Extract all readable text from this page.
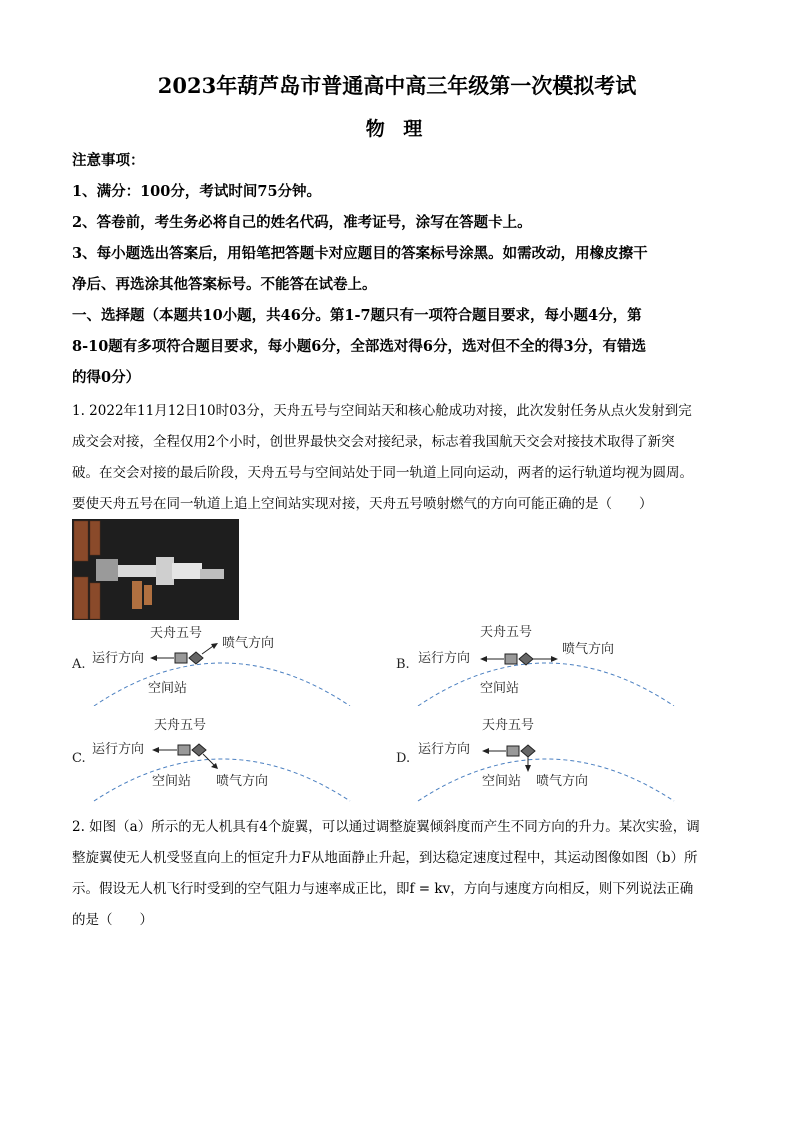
2023年葫芦岛市普通高中高三年级第一次模拟考试
物 理
注意事项：
1、满分：100分，考试时间75分钟。
2、答卷前，考生务必将自己的姓名代码，准考证号，涂写在答题卡上。
3、每小题选出答案后，用铅笔把答题卡对应题目的答案标号涂黑。如需改动，用橡皮擦干
净后、再选涂其他答案标号。不能答在试卷上。
一、选择题（本题共10小题，共46分。第1-7题只有一项符合题目要求，每小题4分，第
8-10题有多项符合题目要求，每小题6分，全部选对得6分，选对但不全的得3分，有错选
的得0分）
1. 2022年11月12日10时03分，天舟五号与空间站天和核心舱成功对接，此次发射任务从点火发射到完
成交会对接，全程仅用2个小时，创世界最快交会对接纪录，标志着我国航天交会对接技术取得了新突
破。在交会对接的最后阶段，天舟五号与空间站处于同一轨道上同向运动，两者的运行轨道均视为圆周。
要使天舟五号在同一轨道上追上空间站实现对接，天舟五号喷射燃气的方向可能正确的是（　　）
A.
天舟五号
喷气方向
运行方向
空间站
B.
天舟五号
喷气方向
运行方向
空间站
C.
天舟五号
运行方向
空间站 喷气方向
D.
天舟五号
运行方向
空间站 喷气方向
2. 如图（a）所示的无人机具有4个旋翼，可以通过调整旋翼倾斜度而产生不同方向的升力。某次实验，调
整旋翼使无人机受竖直向上的恒定升力F从地面静止升起，到达稳定速度过程中，其运动图像如图（b）所
示。假设无人机飞行时受到的空气阻力与速率成正比，即f = kv，方向与速度方向相反，则下列说法正确
的是（　　）
